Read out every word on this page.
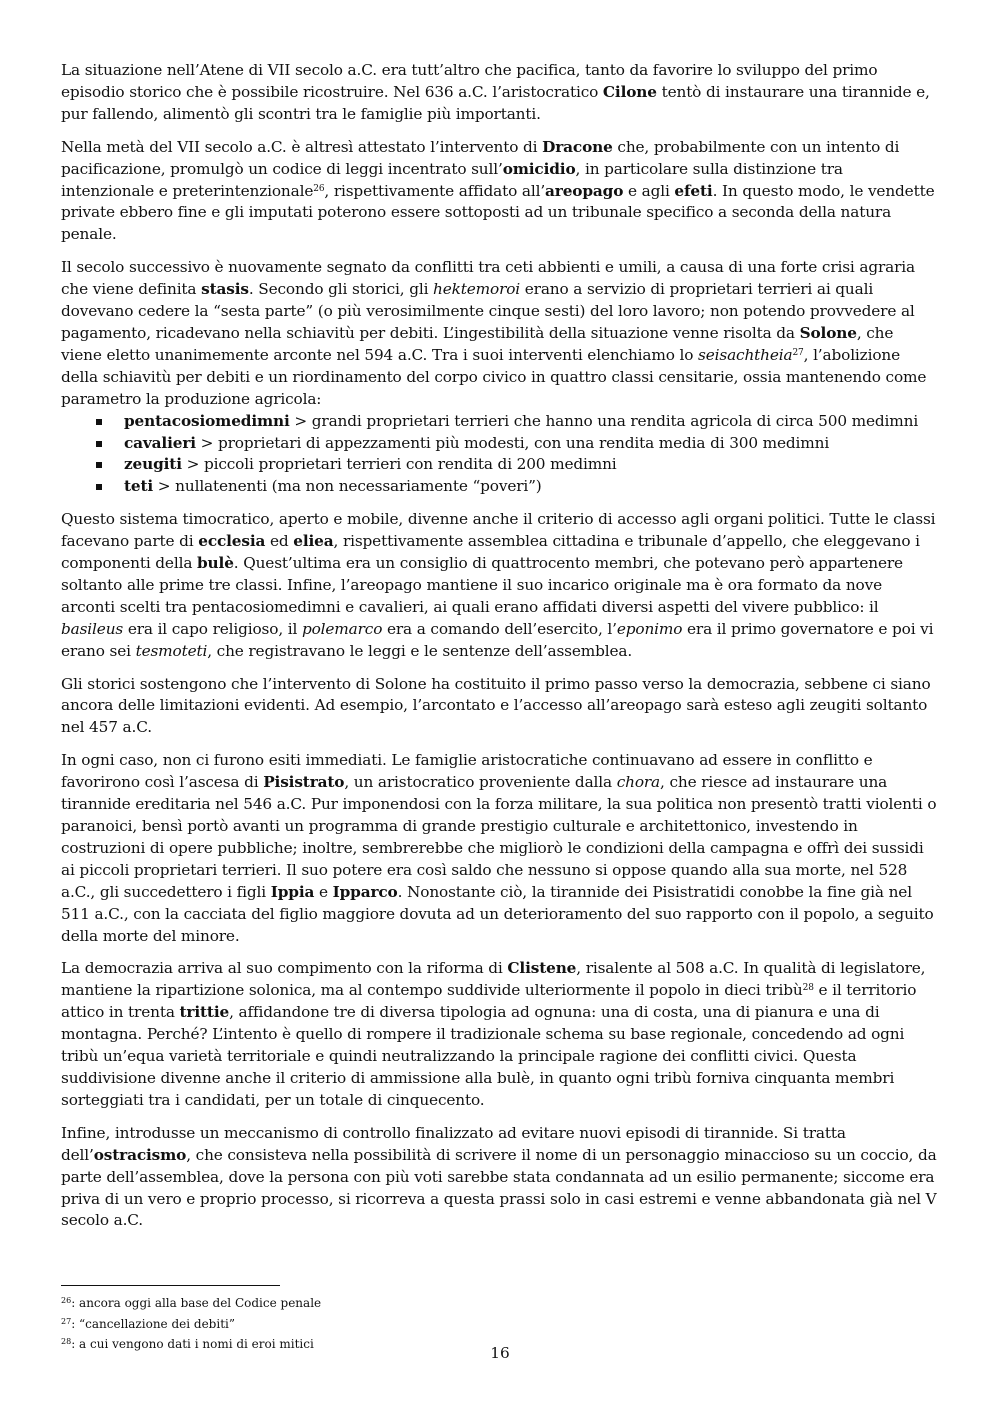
La situazione nell’Atene di VII secolo a.C. era tutt’altro che pacifica, tanto da favorire lo sviluppo del primo episodio storico che è possibile ricostruire. Nel 636 a.C. l’aristocratico Cilone tentò di instaurare una tirannide e, pur fallendo, alimentò gli scontri tra le famiglie più importanti.

Nella metà del VII secolo a.C. è altresì attestato l’intervento di Dracone che, probabilmente con un intento di pacificazione, promulgò un codice di leggi incentrato sull’omicidio, in particolare sulla distinzione tra intenzionale e preterintenzionale$^{26}$, rispettivamente affidato all’areopago e agli efeti. In questo modo, le vendette private ebbero fine e gli imputati poterono essere sottoposti ad un tribunale specifico a seconda della natura penale.

Il secolo successivo è nuovamente segnato da conflitti tra ceti abbienti e umili, a causa di una forte crisi agraria che viene definita stasis. Secondo gli storici, gli hektemoroi erano a servizio di proprietari terrieri ai quali dovevano cedere la “sesta parte” (o più verosimilmente cinque sesti) del loro lavoro; non potendo provvedere al pagamento, ricadevano nella schiavitù per debiti. L’ingestibilità della situazione venne risolta da Solone, che viene eletto unanimemente arconte nel 594 a.C. Tra i suoi interventi elenchiamo lo seisachtheia$^{27}$, l’abolizione della schiavitù per debiti e un riordinamento del corpo civico in quattro classi censitarie, ossia mantenendo come parametro la produzione agricola:

pentacosiomedimni > grandi proprietari terrieri che hanno una rendita agricola di circa 500 medimni
cavalieri > proprietari di appezzamenti più modesti, con una rendita media di 300 medimni
zeugiti > piccoli proprietari terrieri con rendita di 200 medimni
teti > nullatenenti (ma non necessariamente “poveri”)

Questo sistema timocratico, aperto e mobile, divenne anche il criterio di accesso agli organi politici. Tutte le classi facevano parte di ecclesia ed eliea, rispettivamente assemblea cittadina e tribunale d’appello, che eleggevano i componenti della bulè. Quest’ultima era un consiglio di quattrocento membri, che potevano però appartenere soltanto alle prime tre classi. Infine, l’areopago mantiene il suo incarico originale ma è ora formato da nove arconti scelti tra pentacosiomedimni e cavalieri, ai quali erano affidati diversi aspetti del vivere pubblico: il basileus era il capo religioso, il polemarco era a comando dell’esercito, l’eponimo era il primo governatore e poi vi erano sei tesmoteti, che registravano le leggi e le sentenze dell’assemblea.

Gli storici sostengono che l’intervento di Solone ha costituito il primo passo verso la democrazia, sebbene ci siano ancora delle limitazioni evidenti. Ad esempio, l’arcontato e l’accesso all’areopago sarà esteso agli zeugiti soltanto nel 457 a.C.

In ogni caso, non ci furono esiti immediati. Le famiglie aristocratiche continuavano ad essere in conflitto e favorirono così l’ascesa di Pisistrato, un aristocratico proveniente dalla chora, che riesce ad instaurare una tirannide ereditaria nel 546 a.C. Pur imponendosi con la forza militare, la sua politica non presentò tratti violenti o paranoici, bensì portò avanti un programma di grande prestigio culturale e architettonico, investendo in costruzioni di opere pubbliche; inoltre, sembrerebbe che migliorò le condizioni della campagna e offrì dei sussidi ai piccoli proprietari terrieri. Il suo potere era così saldo che nessuno si oppose quando alla sua morte, nel 528 a.C., gli succedettero i figli Ippia e Ipparco. Nonostante ciò, la tirannide dei Pisistratidi conobbe la fine già nel 511 a.C., con la cacciata del figlio maggiore dovuta ad un deterioramento del suo rapporto con il popolo, a seguito della morte del minore.

La democrazia arriva al suo compimento con la riforma di Clistene, risalente al 508 a.C. In qualità di legislatore, mantiene la ripartizione solonica, ma al contempo suddivide ulteriormente il popolo in dieci tribù$^{28}$ e il territorio attico in trenta trittie, affidandone tre di diversa tipologia ad ognuna: una di costa, una di pianura e una di montagna. Perché? L’intento è quello di rompere il tradizionale schema su base regionale, concedendo ad ogni tribù un’equa varietà territoriale e quindi neutralizzando la principale ragione dei conflitti civici. Questa suddivisione divenne anche il criterio di ammissione alla bulè, in quanto ogni tribù forniva cinquanta membri sorteggiati tra i candidati, per un totale di cinquecento.

Infine, introdusse un meccanismo di controllo finalizzato ad evitare nuovi episodi di tirannide. Si tratta dell’ostracismo, che consisteva nella possibilità di scrivere il nome di un personaggio minaccioso su un coccio, da parte dell’assemblea, dove la persona con più voti sarebbe stata condannata ad un esilio permanente; siccome era priva di un vero e proprio processo, si ricorreva a questa prassi solo in casi estremi e venne abbandonata già nel V secolo a.C.

$^{26}$: ancora oggi alla base del Codice penale
$^{27}$: “cancellazione dei debiti”
$^{28}$: a cui vengono dati i nomi di eroi mitici	16
